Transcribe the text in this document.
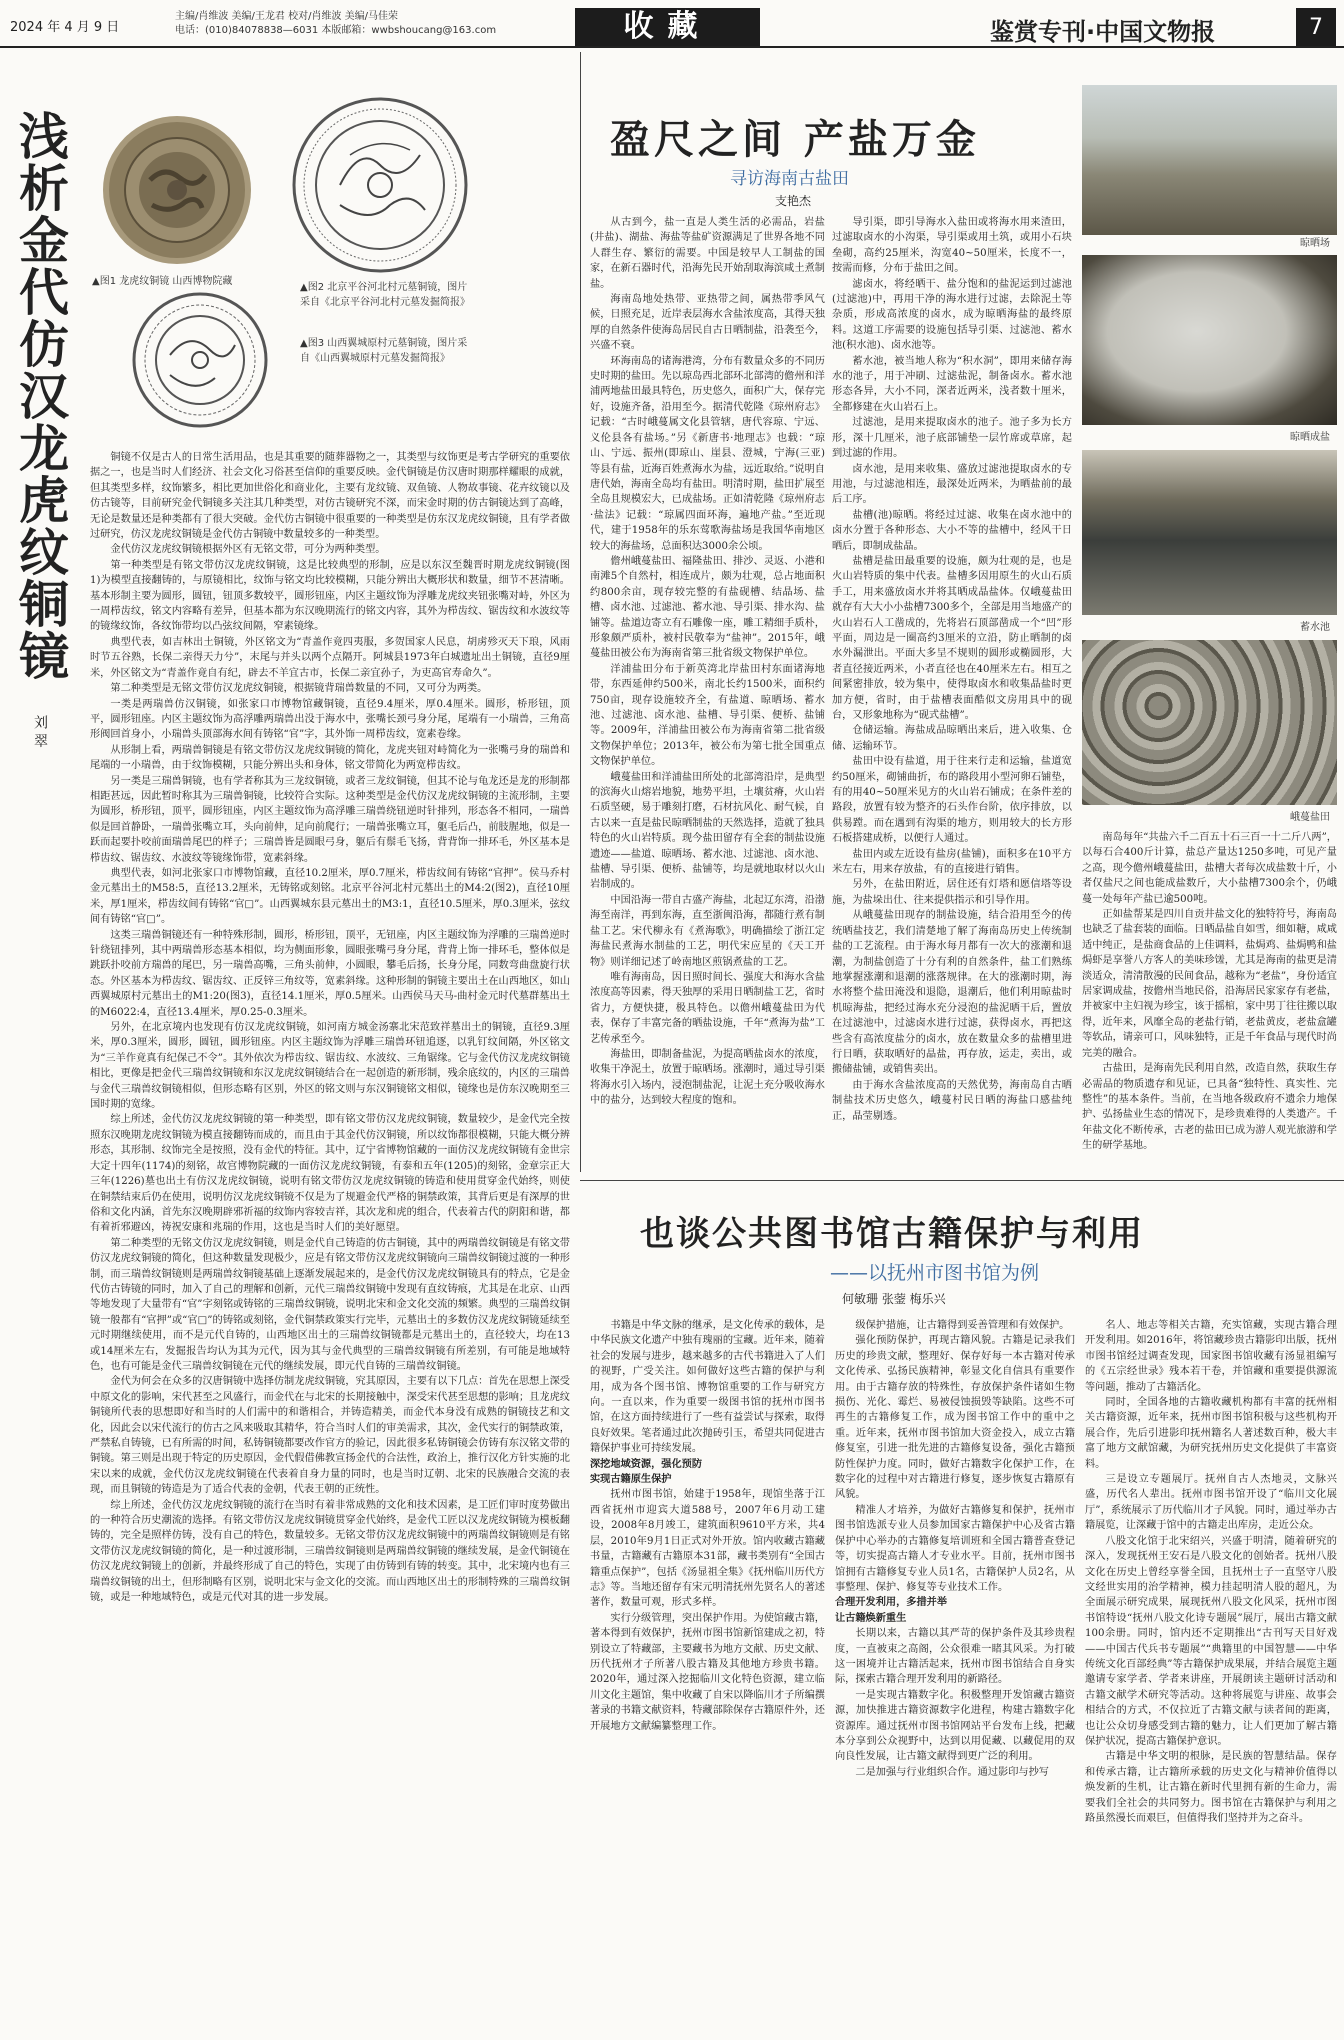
2024 年 4 月 9 日
主编/肖维波 美编/王龙君 校对/肖维波 美编/马佳荣
电话：(010)84078838—6031 本版邮箱：wwbshoucang@163.com	收藏	鉴赏专刊·中国文物报	7
浅析金代仿汉龙虎纹铜镜
刘 翠
▲图1 龙虎纹铜镜 山西博物院藏
▲图2 北京平谷河北村元墓铜镜，图片采自《北京平谷河北村元墓发掘简报》
▲图3 山西翼城原村元墓铜镜，图片采自《山西翼城原村元墓发掘简报》

铜镜不仅是古人的日常生活用品，也是其重要的随葬器物之一，其类型与纹饰更是考古学研究的重要依据之一，也是当时人们经济、社会文化习俗甚至信仰的重要反映。金代铜镜是仿汉唐时期那样耀眼的成就，但其类型多样，纹饰繁多，相比更加世俗化和商业化，主要有龙纹镜、双鱼镜、人物故事镜、花卉纹镜以及仿古镜等，目前研究金代铜镜多关注其几种类型，对仿古镜研究不深，而宋金时期的仿古铜镜达到了高峰，无论是数量还是种类都有了很大突破。金代仿古铜镜中很重要的一种类型是仿东汉龙虎纹铜镜，且有学者做过研究，仿汉龙虎纹铜镜是金代仿古铜镜中数量较多的一种类型。

金代仿汉龙虎纹铜镜根据外区有无铭文带，可分为两种类型。

第一种类型是有铭文带仿汉龙虎纹铜镜，这是比较典型的形制，应是以东汉至魏晋时期龙虎纹铜镜(图1)为模型直接翻铸的，与原镜相比，纹饰与铭文均比较模糊，只能分辨出大概形状和数量，细节不甚清晰。基本形制主要为圆形，圆钮，钮顶多数较平，圆形钮座，内区主题纹饰为浮雕龙虎纹夹钮张嘴对峙，外区为一周栉齿纹，铭文内容略有差异，但基本都为东汉晚期流行的铭文内容，其外为栉齿纹、锯齿纹和水波纹等的镜缘纹饰，各纹饰带均以凸弦纹间隔，窄素镜缘。

典型代表，如吉林出土铜镜，外区铭文为“青盖作竟四夷服，多贺国家人民息，胡虏殄灭天下琅，风雨时节五谷熟，长保二亲得天力兮”，末尾与并头以两个点隔开。阿城县1973年白城遗址出土铜镜，直径9厘米，外区铭文为“青盖作竟自有纪，辟去不羊宜古市，长保二亲宜孙子，为吏高官寿命久”。

第二种类型是无铭文带仿汉龙虎纹铜镜，根据镜背瑞兽数量的不同，又可分为两类。

一类是两瑞兽仿汉铜镜，如张家口市博物馆藏铜镜，直径9.4厘米，厚0.4厘米。圆形，桥形钮，顶平，圆形钮座。内区主题纹饰为高浮雕两瑞兽出没于海水中，张嘴长颈弓身分尾，尾端有一小瑞兽，三角高形阀回首身小，小瑞兽头顶部海水间有铸铭“官”字，其外饰一周栉齿纹，宽素卷缘。

从形制上看，两瑞兽铜镜是有铭文带仿汉龙虎纹铜镜的简化，龙虎夹钮对峙简化为一张嘴弓身的瑞兽和尾端的一小瑞兽，由于纹饰模糊，只能分辨出头和身体，铭文带简化为两宽栉齿纹。

另一类是三瑞兽铜镜，也有学者称其为三龙纹铜镜，或者三龙纹铜镜，但其不论与龟龙还是龙的形制都相距甚远，因此暂时称其为三瑞兽铜镜，比较符合实际。这种类型是金代仿汉龙虎纹铜镜的主流形制，主要为圆形，桥形钮，顶平，圆形钮座，内区主题纹饰为高浮雕三瑞兽绕钮逆时针排列，形态各不相同，一瑞兽似是回首静卧，一瑞兽张嘴立耳，头向前伸，足向前爬行；一瑞兽张嘴立耳，躯毛后凸，前肢腥地，似是一跃而起要扑咬前面瑞兽尾巴的样子；三瑞兽皆是圆眼弓身，躯后有鬃毛飞扬，背背饰一排环毛，外区基本是栉齿纹、锯齿纹、水波纹等镜缘饰带，宽素斜缘。

典型代表，如河北张家口市博物馆藏，直径10.2厘米，厚0.7厘米，栉齿纹间有铸铭“官押”。侯马乔村金元墓出土的M58:5，直径13.2厘米，无铸铭或刻铭。北京平谷河北村元墓出土的M4:2(图2)，直径10厘米，厚1厘米，栉齿纹间有铸铭“官□”。山西翼城东县元墓出土的M3:1，直径10.5厘米，厚0.3厘米，弦纹间有铸铭“官□”。

这类三瑞兽铜镜还有一种特殊形制，圆形，桥形钮，顶平，无钮座，内区主题纹饰为浮雕的三瑞兽逆时针绕钮排列，其中两瑞兽形态基本相似，均为侧面形象，圆眼张嘴弓身分尾，背背上饰一排环毛，整体似是跳跃扑咬前方瑞兽的尾巴，另一瑞兽高嘴，三角头前伸，小圆眼，攀毛后扬，长身分尾，同数弯曲盘旋行状态。外区基本为栉齿纹、锯齿纹、正反锌三角纹等，宽素斜缘。这种形制的铜镜主要出土在山西地区，如山西翼城原村元墓出土的M1:20(图3)，直径14.1厘米，厚0.5厘米。山西侯马天马-曲村金元时代墓群墓出土的M6022:4，直径13.4厘米，厚0.25-0.3厘米。

另外，在北京境内也发现有仿汉龙虎纹铜镜，如河南方城金汤寨北宋范致祥墓出土的铜镜，直径9.3厘米，厚0.3厘米，圆形，圆钮，圆形钮座。内区主题纹饰为浮雕三瑞兽环钮追逐，以乳钉纹间隔，外区铭文为“三羊作竟真有纪保己不令”。其外依次为栉齿纹、锯齿纹、水波纹、三角锯缘。它与金代仿汉龙虎纹铜镜相比，更像是把金代三瑞兽纹铜镜和东汉龙虎纹铜镜结合在一起创造的新形制，残余底纹的，内区的三瑞兽与金代三瑞兽纹铜镜相似，但形态略有区别，外区的铭文则与东汉铜镜铭文相似，镜缘也是仿东汉晚期至三国时期的宽缘。

综上所述，金代仿汉龙虎纹铜镜的第一种类型，即有铭文带仿汉龙虎纹铜镜，数量较少，是金代完全按照东汉晚期龙虎纹铜镜为模直接翻铸而成的，而且由于其金代仿汉铜镜，所以纹饰都很模糊，只能大概分辨形态，其形制、纹饰完全是按照，没有金代的特征。其中，辽宁省博物馆藏的一面仿汉龙虎纹铜镜有金世宗大定十四年(1174)的刻铭，故宫博物院藏的一面仿汉龙虎纹铜镜，有泰和五年(1205)的刻铭，金章宗正大三年(1226)墓也出土有仿汉龙虎纹铜镜，说明有铭文带仿汉龙虎纹铜镜的铸造和使用贯穿金代始终，则使在铜禁结束后仍在使用，说明仿汉龙虎纹铜镜不仅是为了规避金代严格的铜禁政策，其背后更是有深厚的世俗和文化内涵，首先东汉晚期辟邪祈福的纹饰内容较吉祥，其次龙和虎的组合，代表着古代的阴阳和谐，都有着祈邪避凶，祷祝安康和兆瑞的作用，这也是当时人们的美好愿望。

第二种类型的无铭文仿汉龙虎纹铜镜，则是金代自己铸造的仿古铜镜，其中的两瑞兽纹铜镜是有铭文带仿汉龙虎纹铜镜的简化，但这种数量发现极少，应是有铭文带仿汉龙虎纹铜镜向三瑞兽纹铜镜过渡的一种形制，而三瑞兽纹铜镜则是两瑞兽纹铜镜基础上逐渐发展起来的，是金代仿汉龙虎纹铜镜具有的特点，它是金代仿古铸镜的同时，加入了自己的理解和创新，元代三瑞兽纹铜镜中发现有直纹铸痕，尤其是在北京、山西等地发现了大量带有“官”字刻铭或铸铭的三瑞兽纹铜镜，说明北宋和金文化交流的频繁。典型的三瑞兽纹铜镜一般都有“官押”或“官□”的铸铭或刻铭，金代铜禁政策实行完毕，元墓出土的多数仿汉龙虎纹铜镜延续至元时期继续使用，而不是元代自铸的，山西地区出土的三瑞兽纹铜镜都是元墓出土的，直径较大，均在13或14厘米左右，发掘报告均认为其为元代，因为其与金代典型的三瑞兽纹铜镜有所差别，有可能是地域特色，也有可能是金代三瑞兽纹铜镜在元代的继续发展，即元代自铸的三瑞兽纹铜镜。

金代为何会在众多的汉唐铜镜中选择仿制龙虎纹铜镜，究其原因，主要有以下几点：首先在思想上深受中原文化的影响，宋代甚至之风盛行，而金代在与北宋的长期接触中，深受宋代甚至思想的影响；且龙虎纹铜镜所代表的思想即好和当时的人们需中的和谐相合，并铸造精美，而金代本身没有成熟的铜镜技艺和文化，因此会以宋代流行的仿古之风来吸取其精华，符合当时人们的审美需求，其次，金代实行的铜禁政策，严禁私自铸镜，已有所需的时间，私铸铜镜都要改作官方的验记，因此很多私铸铜镜会仿铸有东汉铭文带的铜镜。第三则是出现于特定的历史原因，金代假借佛教宣扬金代的合法性，政治上，推行汉化方针实施的北宋以来的成就，金代仿汉龙虎纹铜镜在代表着自身力量的同时，也是当时辽朝、北宋的民族融合交流的表现，而且铜镜的铸造是为了适合代表的金朝，代表王朝的正统性。

综上所述，金代仿汉龙虎纹铜镜的流行在当时有着非常成熟的文化和技术因素，是工匠们审时度势做出的一种符合历史潮流的选择。有铭文带仿汉龙虎纹铜镜贯穿金代始终，是金代工匠以汉龙虎纹铜镜为模板翻铸的，完全是照样仿铸，没有自己的特色，数量较多。无铭文带仿汉龙虎纹铜镜中的两瑞兽纹铜镜则是有铭文带仿汉龙虎纹铜镜的简化，是一种过渡形制，三瑞兽纹铜镜则是两瑞兽纹铜镜的继续发展，是金代铜镜在仿汉龙虎纹铜镜上的创新，并最终形成了自己的特色，实现了由仿铸到有铸的转变。其中，北宋境内也有三瑞兽纹铜镜的出土，但形制略有区别，说明北宋与金文化的交流。而山西地区出土的形制特殊的三瑞兽纹铜镜，或是一种地域特色，或是元代对其的进一步发展。

盈尺之间 产盐万金
寻访海南古盐田
支艳杰

从古到今，盐一直是人类生活的必需品，岩盐(井盐)、湖盐、海盐等盐矿资源满足了世界各地不同人群生存、繁衍的需要。中国是较早人工制盐的国家，在新石器时代，沿海先民开始刮取海滨咸土煮制盐。

海南岛地处热带、亚热带之间，属热带季风气候，日照充足，近岸表层海水含盐浓度高，其得天独厚的自然条件使海岛居民自古日晒制盐，沿袭至今，兴盛不衰。

环海南岛的诸海港湾，分布有数量众多的不同历史时期的盐田。先以琼岛西北部环北部湾的儋州和洋浦两地盐田最具特色，历史悠久，面积广大，保存完好，设施齐备，沿用至今。据清代乾隆《琼州府志》记载：“古时峨蔓属文化县管辖，唐代容琼、宁远、义伦县各有盐场。”另《新唐书·地理志》也载：“琼山、宁远、振州(即琼山、崖县、澄城，宁海(三亚)等县有盐，近海百姓煮海水为盐，远近取给。”说明自唐代始，海南全岛均有盐田。明清时期，盐田扩展至全岛且规模宏大，已成盐场。正如清乾隆《琼州府志·盐法》记载：“琼属四面环海，遍地产盐。”至近现代，建于1958年的乐东莺歌海盐场是我国华南地区较大的海盐场，总面积达3000余公顷。

儋州峨蔓盐田、福隆盐田、排沙、灵返、小港和南滩5个自然村，相连成片，颇为壮观，总占地面积约800余亩，现存较完整的有盐砚槽、结晶场、盐槽、卤水池、过滤池、蓄水池、导引渠、排水沟、盐铺等。盐道边寄立有石雕像一座，雕工精细手质朴，形象颇严质朴，被村民敬奉为“盐神”。2015年，峨蔓盐田被公布为海南省第三批省级文物保护单位。

洋浦盐田分布于新英湾北岸盐田村东面诸海地带，东西延伸约500米，南北长约1500米，面积约750亩，现存设施较齐全，有盐道、晾晒场、蓄水池、过滤池、卤水池、盐槽、导引渠、便桥、盐铺等。2009年，洋浦盐田被公布为海南省第二批省级文物保护单位；2013年，被公布为第七批全国重点文物保护单位。

峨蔓盐田和洋浦盐田所处的北部湾沿岸，是典型的滨海火山熔岩地貌，地势平坦，土壤贫瘠，火山岩石质坚硬，易于雕刻打磨，石材抗风化、耐气候，自古以来一直是盐民晾晒制盐的天然选择，造就了独具特色的火山岩特质。现今盐田留存有全套的制盐设施遗迹——盐道、晾晒场、蓄水池、过滤池、卤水池、盐槽、导引渠、便桥、盐铺等，均是就地取材以火山岩制成的。

中国沿海一带自古盛产海盐，北起辽东湾，沿渤海至南洋，再到东海，直至浙闽沿海，都随行煮有制盐工艺。宋代柳永有《煮海歌》，明确描绘了浙江定海盐民煮海水制盐的工艺，明代宋应星的《天工开物》则详细记述了岭南地区煎锅煮盐的工艺。

唯有海南岛，因日照时间长、强度大和海水含盐浓度高等因素，得天独厚的采用日晒制盐工艺，省时省力，方便快捷，极具特色。以儋州峨蔓盐田为代表，保存了丰富完备的晒盐设施，千年“煮海为盐”工艺传承至今。

海盐田，即制备盐泥，为提高晒盐卤水的浓度，收集干净泥土，放置于晾晒场。涨潮时，通过导引渠将海水引入场内，浸泡制盐泥，让泥土充分吸收海水中的盐分，达到较大程度的饱和。

导引渠，即引导海水入盐田或将海水用来渣田，过滤取卤水的小沟渠，导引渠或用土筑，或用小石块垒砌，高约25厘米，沟宽40~50厘米，长度不一，按需而修，分布于盐田之间。

滤卤水，将经晒干、盐分饱和的盐泥运到过滤池(过滤池)中，再用干净的海水进行过滤，去除泥土等杂质，形成高浓度的卤水，成为晾晒海盐的最终原料。这道工序需要的设施包括导引渠、过滤池、蓄水池(积水池)、卤水池等。

蓄水池，被当地人称为“积水洞”，即用来储存海水的池子，用于冲刷、过滤盐泥，制备卤水。蓄水池形态各异，大小不同，深者近两米，浅者数十厘米，全都修建在火山岩石上。

过滤池，是用来提取卤水的池子。池子多为长方形，深十几厘米，池子底部铺垫一层竹席或草席，起到过滤的作用。

卤水池，是用来收集、盛放过滤池提取卤水的专用池，与过滤池相连，最深处近两米，为晒盐前的最后工序。

盐槽(池)晾晒。将经过过滤、收集在卤水池中的卤水分置于各种形态、大小不等的盐槽中，经风干日晒后，即制成盐晶。

盐槽是盐田最重要的设施，颇为壮观的是，也是火山岩特质的集中代表。盐槽多因用原生的火山石质手工，用来盛放卤水并将其晒成晶盐体。仅峨蔓盐田就存有大大小小盐槽7300多个，全部是用当地盛产的火山岩石人工凿成的，先将岩石顶部凿成一个“凹”形平面，周边是一圈高约3厘米的立沿，防止晒制的卤水外漏泄出。平面大多呈不规则的圆形或椭圆形，大者直径接近两米，小者直径也在40厘米左右。相互之间紧密排放，较为集中，使得取卤水和收集晶盐时更加方便，省时，由于盐槽表面酷似文房用具中的砚台，又形象地称为“砚式盐槽”。

仓储运输。海盐成品晾晒出来后，进入收集、仓储、运输环节。

盐田中设有盐道，用于往来行走和运输，盐道宽约50厘米，砌铺曲折，布的路段用小型河卵石铺垫，有的用40~50厘米见方的火山岩石铺成；在条件差的路段，放置有较为整齐的石头作台阶，依序排放，以供易蹚。而在遇到有沟渠的地方，则用较大的长方形石板搭建成桥，以便行人通过。

盐田内或左近设有盐房(盐铺)，面积多在10平方米左右，用来存放盐，有的直接进行销售。

另外，在盐田附近，居住还有灯塔和愿信塔等设施，为盐垛出仕、往来提供指示和引导作用。

从峨蔓盐田现存的制盐设施，结合沿用至今的传统晒盐技艺，我们清楚地了解了海南岛历史上传统制盐的工艺流程。由于海水每月都有一次大的涨潮和退潮，为制盐创造了十分有利的自然条件，盐工们熟练地掌握涨潮和退潮的涨落规律。在大的涨潮时期，海水将整个盐田淹没和退隐，退潮后，他们利用晾盐时机晾海盐，把经过海水充分浸泡的盐泥晒干后，置放在过滤池中，过滤卤水进行过滤，获得卤水，再把这些含有高浓度盐分的卤水，放在数量众多的盐槽里进行日晒，获取晒好的晶盐，再存放，运走，卖出，或搬储盐铺，或销售卖出。

由于海水含盐浓度高的天然优势，海南岛自古晒制盐技术历史悠久，峨蔓村民日晒的海盐口感盐纯正，晶莹剔透。

晾晒场
晾晒成盐
蓄水池
峨蔓盐田

南岛每年“共盐六千二百五十石三百一十二斤八两”，以每石合400斤计算，盐总产量达1250多吨，可见产量之高，现今儋州峨蔓盐田，盐槽大者每次成盐数十斤，小者仅盐尺之间也能成盐数斤，大小盐槽7300余个，仍峨蔓一处每年产盐已逾500吨。

正如盐帮某是四川自贡井盐文化的独特符号，海南岛也缺乏了盐套装的面临。日晒晶盐自如雪，细如糖，咸咸适中纯正，是盐商食品的上佳调料，盐焗鸡、盐焗鸭和盐焗虾是享誉八方客人的美味珍馐，尤其是海南的盐更是清淡适众，清清散漫的民间食品，越称为“老盐”，身份适宜居家调成盐，按儋州当地民俗，沿海居民家家存有老盐，并被家中主妇视为珍宝，该于摇棺，家中男丁往往搬以取得，近年来，风靡全岛的老盐行销，老盐黄皮，老盐盒罐等软品，请亲可口，风味独特，正是千年食品与现代时尚完美的融合。

古盐田，是海南先民利用自然，改造自然，获取生存必需品的物质遗存和见证，已具备“独特性、真实性、完整性”的基本条件。当前，在当地各级政府不遗余力地保护、弘扬盐业生态的情况下，是珍贵难得的人类遗产。千年盐文化不断传承，古老的盐田已成为游人观光旅游和学生的研学基地。

也谈公共图书馆古籍保护与利用
——以抚州市图书馆为例
何敏珊 张蓥 梅乐兴

书籍是中华文脉的继承，是文化传承的载体，是中华民族文化遗产中独有瑰丽的宝藏。近年来，随着社会的发展与进步，越来越多的古代书籍进入了人们的视野，广受关注。如何做好这些古籍的保护与利用，成为各个图书馆、博物馆重要的工作与研究方向。一直以来，作为重要一级图书馆的抚州市图书馆，在这方面持续进行了一些有益尝试与探索，取得良好效果。笔者通过此次抛砖引玉，希望共同促进古籍保护事业可持续发展。

深挖地域资源，强化预防

实现古籍原生保护

抚州市图书馆，始建于1958年，现馆坐落于江西省抚州市迎宾大道588号，2007年6月动工建设，2008年8月竣工，建筑面积9610平方米，共4层，2010年9月1日正式对外开放。馆内收藏古籍藏书量，古籍藏有古籍原本31部，藏书类别有“全国古籍重点保护”，包括《汤显祖全集》《抚州临川历代方志》等。当地还留存有宋元明清抚州先贤名人的著述著作，数量可观，形式多样。

实行分级管理，突出保护作用。为使馆藏古籍，著本得到有效保护，抚州市图书馆新馆建成之初，特别设立了特藏部，主要藏书为地方文献、历史文献、历代抚州才子所著八股古籍及其他地方珍贵书籍。2020年，通过深入挖掘临川文化特色资源，建立临川文化主题馆，集中收藏了自宋以降临川才子所编撰著录的书籍文献资料，特藏部除保存古籍原件外，还开展地方文献编纂整理工作。

级保护措施，让古籍得到妥善管理和有效保护。

强化预防保护，再现古籍风貌。古籍是记录我们历史的珍贵文献，整理好、保存好每一本古籍对传承文化传承、弘扬民族精神，彰显文化自信具有重要作用。由于古籍存放的特殊性，存放保护条件诸如生物损伤、光化、霉烂、易被侵蚀损毁等缺陷。这些不可再生的古籍修复工作，成为图书馆工作中的重中之重。近年来，抚州市图书馆加大资金投入，成立古籍修复室，引进一批先进的古籍修复设备，强化古籍预防性保护力度。同时，做好古籍数字化保护工作，在数字化的过程中对古籍进行修复，逐步恢复古籍原有风貌。

精准人才培养，为做好古籍修复和保护，抚州市图书馆选派专业人员参加国家古籍保护中心及省古籍保护中心举办的古籍修复培训班和全国古籍普查登记等，切实提高古籍人才专业水平。目前，抚州市图书馆拥有古籍修复专业人员1名，古籍保护人员2名，从事整理、保护、修复等专业技术工作。

合理开发利用，多措并举

让古籍焕新重生

长期以来，古籍以其严苛的保护条件及其珍贵程度，一直被束之高阁，公众很难一睹其风采。为打破这一困境并让古籍活起来，抚州市图书馆结合自身实际，探索古籍合理开发利用的新路径。

一是实现古籍数字化。积极整理开发馆藏古籍资源，加快推进古籍资源数字化进程，构建古籍数字化资源库。通过抚州市图书馆网站平台发布上线，把藏本分享到公众视野中，达到以用促藏、以藏促用的双向良性发展，让古籍文献得到更广泛的利用。

二是加强与行业组织合作。通过影印与抄写

名人、地志等相关古籍，充实馆藏，实现古籍合理开发利用。如2016年，将馆藏珍贵古籍影印出版，抚州市图书馆经过调查发现，国家图书馆收藏有汤显祖编写的《五宗经世录》残本若干卷，并馆藏和重要提供源流等问题，推动了古籍活化。

同时，全国各地的古籍收藏机构都有丰富的抚州相关古籍资源，近年来，抚州市图书馆积极与这些机构开展合作，先后引进影印抚州籍名人著述数百种，极大丰富了地方文献馆藏，为研究抚州历史文化提供了丰富资料。

三是设立专题展厅。抚州自古人杰地灵，文脉兴盛，历代名人辈出。抚州市图书馆开设了“临川文化展厅”，系统展示了历代临川才子风貌。同时，通过举办古籍展览，让深藏于馆中的古籍走出库房，走近公众。

八股文化馆于北宋绍兴，兴盛于明清，随着研究的深入，发现抚州王安石是八股文化的创始者。抚州八股文化在历史上曾经享誉全国，且抚州士子一直坚守八股文经世实用的治学精神，模力挂起明清人股的超凡，为全面展示研究成果，展现抚州八股文化风采，抚州市图书馆特设“抚州八股文化诗专题展”展厅，展出古籍文献100余册。同时，馆内还不定期推出“古刊写天目好戏——中国古代兵书专题展”“典籍里的中国智慧——中华传统文化百部经典”等古籍保护成果展，并结合展览主题邀请专家学者、学者来讲座，开展朗读主题研讨活动和古籍文献学术研究等活动。这种将展览与讲座、故事会相结合的方式，不仅拉近了古籍文献与读者间的距离，也让公众切身感受到古籍的魅力，让人们更加了解古籍保护状况，提高古籍保护意识。

古籍是中华文明的根脉，是民族的智慧结晶。保存和传承古籍，让古籍所承载的历史文化与精神价值得以焕发新的生机，让古籍在新时代里拥有新的生命力，需要我们全社会的共同努力。图书馆在古籍保护与利用之路虽然漫长而艰巨，但值得我们坚持并为之奋斗。
